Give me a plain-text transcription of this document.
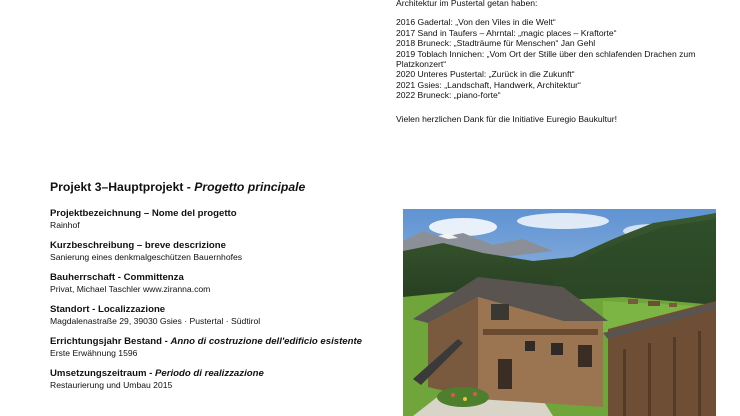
Architektur im Pustertal getan haben:
2016 Gadertal: „Von den Viles in die Welt“
2017 Sand in Taufers – Ahrntal: „magic places – Kraftorte“
2018 Bruneck: „Stadträume für Menschen“ Jan Gehl
2019 Toblach Innichen: „Vom Ort der Stille über den schlafenden Drachen zum Platzkonzert“
2020 Unteres Pustertal: „Zurück in die Zukunft“
2021 Gsies: „Landschaft, Handwerk, Architektur“
2022 Bruneck: „piano-forte“
Vielen herzlichen Dank für die Initiative Euregio Baukultur!
Projekt 3–Hauptprojekt - Progetto principale
Projektbezeichnung – Nome del progetto
Rainhof
Kurzbeschreibung – breve descrizione
Sanierung eines denkmalgeschützen Bauernhofes
Bauherrschaft - Committenza
Privat, Michael Taschler www.ziranna.com
Standort - Localizzazione
Magdalenastraße 29, 39030 Gsies · Pustertal · Südtirol
Errichtungsjahr Bestand - Anno di costruzione dell'edificio esistente
Erste Erwähnung 1596
Umsetzungszeitraum - Periodo di realizzazione
Restaurierung und Umbau 2015
